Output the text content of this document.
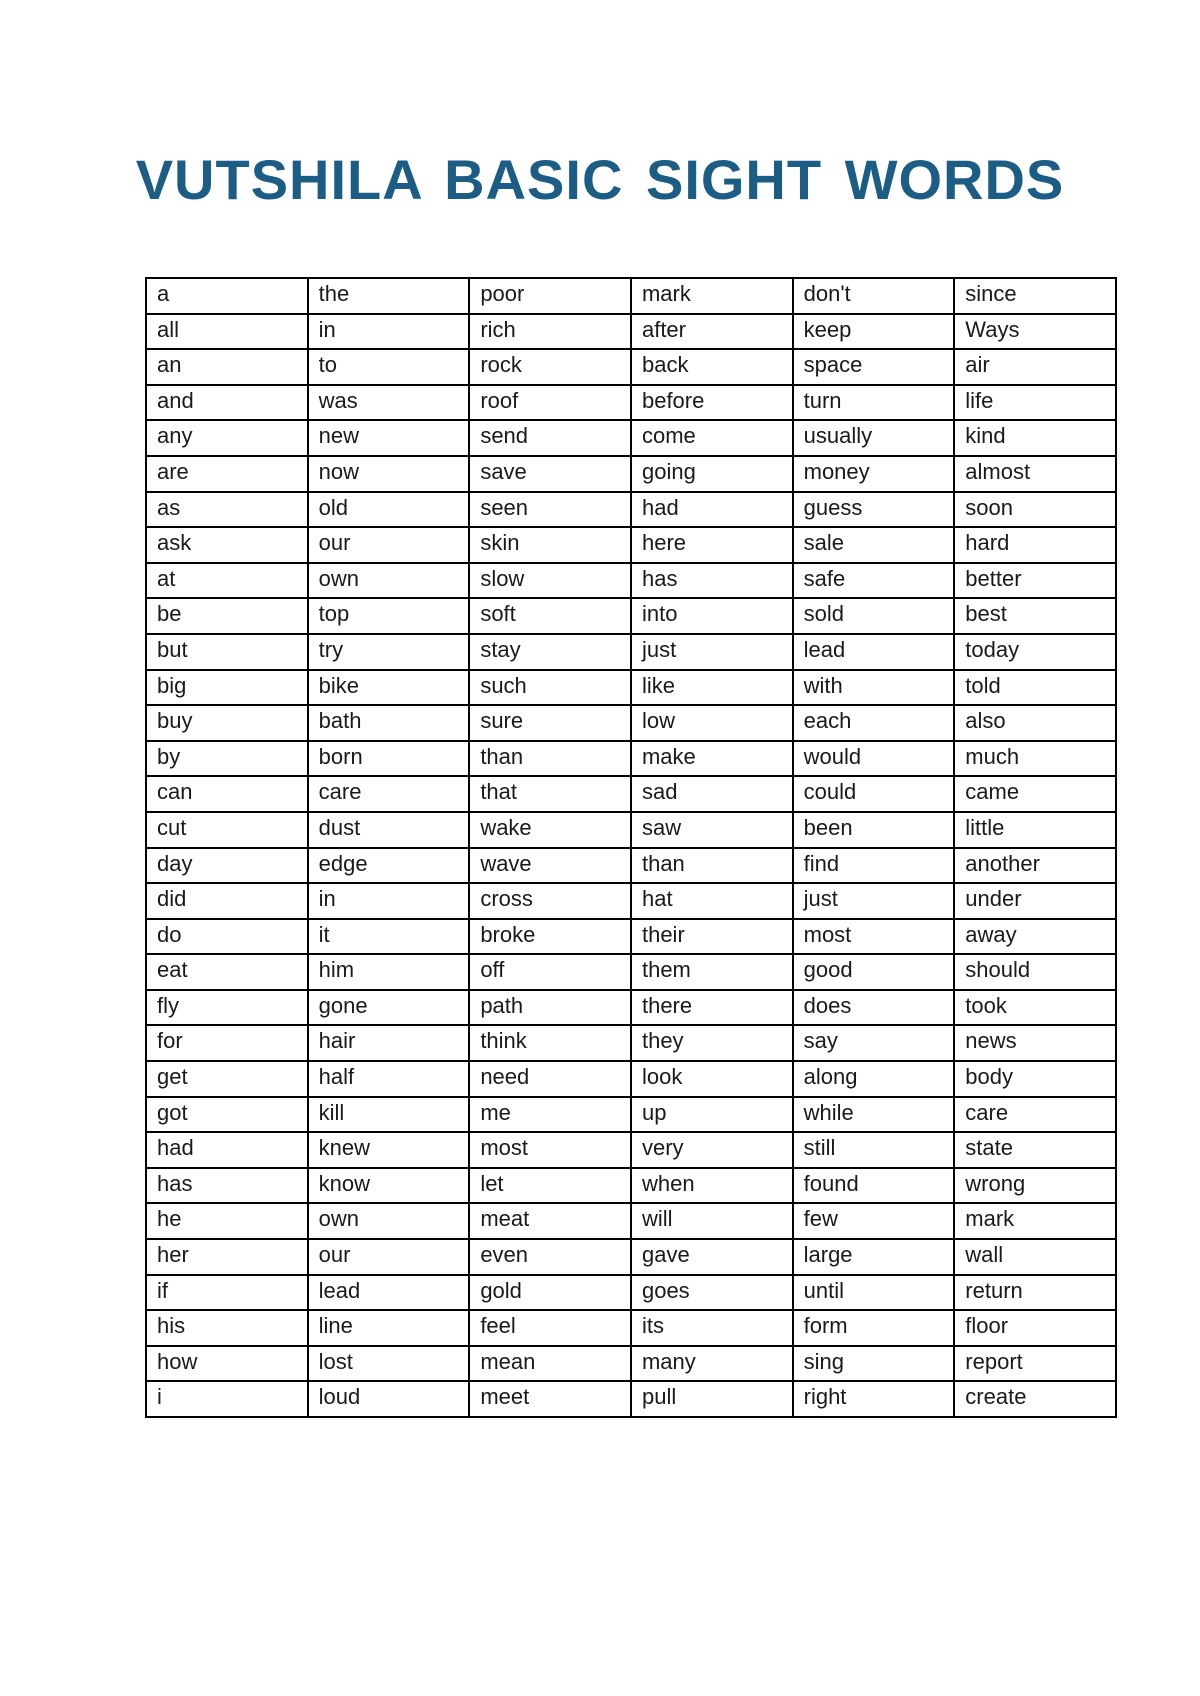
VUTSHILA BASIC SIGHT WORDS
a	the	poor	mark	don't	since
all	in	rich	after	keep	Ways
an	to	rock	back	space	air
and	was	roof	before	turn	life
any	new	send	come	usually	kind
are	now	save	going	money	almost
as	old	seen	had	guess	soon
ask	our	skin	here	sale	hard
at	own	slow	has	safe	better
be	top	soft	into	sold	best
but	try	stay	just	lead	today
big	bike	such	like	with	told
buy	bath	sure	low	each	also
by	born	than	make	would	much
can	care	that	sad	could	came
cut	dust	wake	saw	been	little
day	edge	wave	than	find	another
did	in	cross	hat	just	under
do	it	broke	their	most	away
eat	him	off	them	good	should
fly	gone	path	there	does	took
for	hair	think	they	say	news
get	half	need	look	along	body
got	kill	me	up	while	care
had	knew	most	very	still	state
has	know	let	when	found	wrong
he	own	meat	will	few	mark
her	our	even	gave	large	wall
if	lead	gold	goes	until	return
his	line	feel	its	form	floor
how	lost	mean	many	sing	report
i	loud	meet	pull	right	create
